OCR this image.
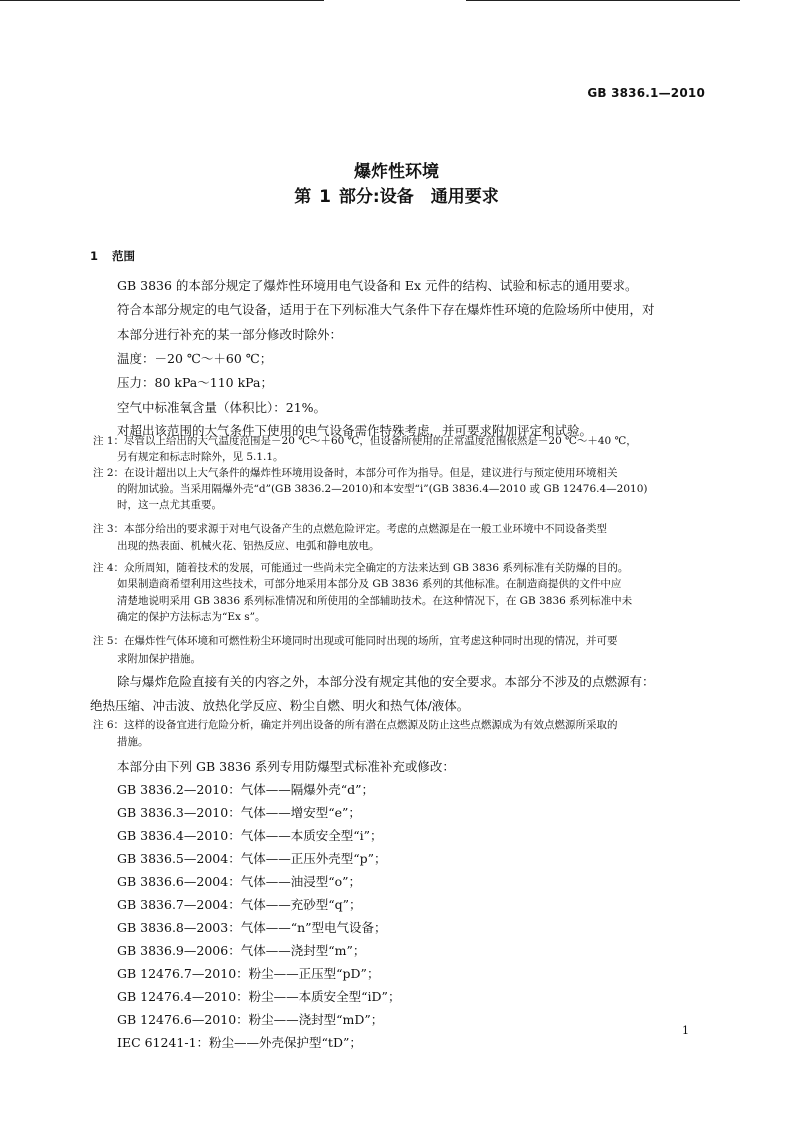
GB 3836.1—2010
爆炸性环境
第 1 部分:设备　通用要求
1 范围
GB 3836 的本部分规定了爆炸性环境用电气设备和 Ex 元件的结构、试验和标志的通用要求。
符合本部分规定的电气设备，适用于在下列标准大气条件下存在爆炸性环境的危险场所中使用，对
本部分进行补充的某一部分修改时除外：
温度：－20 ℃～＋60 ℃；
压力：80 kPa～110 kPa；
空气中标准氧含量（体积比）：21%。
对超出该范围的大气条件下使用的电气设备需作特殊考虑，并可要求附加评定和试验。
注 1：尽管以上给出的大气温度范围是－20 ℃～＋60 ℃，但设备所使用的正常温度范围依然是－20 ℃～＋40 ℃，
另有规定和标志时除外，见 5.1.1。
注 2：在设计超出以上大气条件的爆炸性环境用设备时，本部分可作为指导。但是，建议进行与预定使用环境相关
的附加试验。当采用隔爆外壳“d”(GB 3836.2—2010)和本安型“i”(GB 3836.4—2010 或 GB 12476.4—2010)
时，这一点尤其重要。
注 3：本部分给出的要求源于对电气设备产生的点燃危险评定。考虑的点燃源是在一般工业环境中不同设备类型
出现的热表面、机械火花、铝热反应、电弧和静电放电。
注 4：众所周知，随着技术的发展，可能通过一些尚未完全确定的方法来达到 GB 3836 系列标准有关防爆的目的。
如果制造商希望利用这些技术，可部分地采用本部分及 GB 3836 系列的其他标准。在制造商提供的文件中应
清楚地说明采用 GB 3836 系列标准情况和所使用的全部辅助技术。在这种情况下，在 GB 3836 系列标准中未
确定的保护方法标志为“Ex s”。
注 5：在爆炸性气体环境和可燃性粉尘环境同时出现或可能同时出现的场所，宜考虑这种同时出现的情况，并可要
求附加保护措施。
除与爆炸危险直接有关的内容之外，本部分没有规定其他的安全要求。本部分不涉及的点燃源有：
绝热压缩、冲击波、放热化学反应、粉尘自燃、明火和热气体/液体。
注 6：这样的设备宜进行危险分析，确定并列出设备的所有潜在点燃源及防止这些点燃源成为有效点燃源所采取的
措施。
本部分由下列 GB 3836 系列专用防爆型式标准补充或修改：
GB 3836.2—2010：气体——隔爆外壳“d”；
GB 3836.3—2010：气体——增安型“e”；
GB 3836.4—2010：气体——本质安全型“i”；
GB 3836.5—2004：气体——正压外壳型“p”；
GB 3836.6—2004：气体——油浸型“o”；
GB 3836.7—2004：气体——充砂型“q”；
GB 3836.8—2003：气体——“n”型电气设备；
GB 3836.9—2006：气体——浇封型“m”；
GB 12476.7—2010：粉尘——正压型“pD”；
GB 12476.4—2010：粉尘——本质安全型“iD”；
GB 12476.6—2010：粉尘——浇封型“mD”；
IEC 61241-1：粉尘——外壳保护型“tD”；
1
